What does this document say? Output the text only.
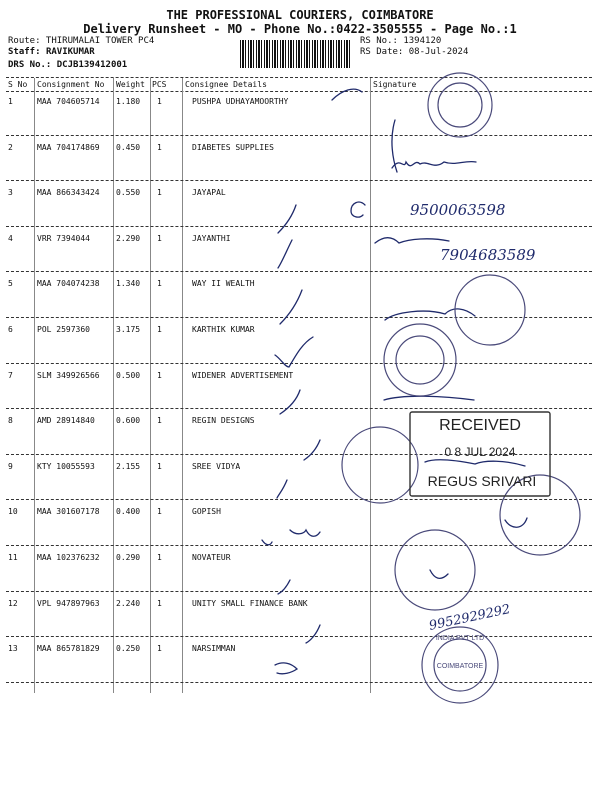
THE PROFESSIONAL COURIERS, COIMBATORE
Delivery Runsheet - MO - Phone No.:0422-3505555 - Page No.:1
Route: THIRUMALAI TOWER PC4
Staff: RAVIKUMAR
DRS No.: DCJB139412001
RS No.: 1394120
RS Date: 08-Jul-2024
S No Consignment No Weight PCS Consignee Details	Signature
1	MAA 704605714 1.180 1	PUSHPA UDHAYAMOORTHY
2	MAA 704174869 0.450 1	DIABETES SUPPLIES
3	MAA 866343424 0.550 1	JAYAPAL
4	VRR 7394044	2.290 1	JAYANTHI
5	MAA 704074238 1.340 1	WAY II WEALTH
6	POL 2597360	3.175 1	KARTHIK KUMAR
7	SLM 349926566 0.500 1	WIDENER ADVERTISEMENT
8	AMD 28914840	0.600 1	REGIN DESIGNS
9	KTY 10055593	2.155 1	SREE VIDYA
10 MAA 301607178 0.400 1	GOPISH
11 MAA 102376232 0.290 1	NOVATEUR
12 VPL 947897963 2.240 1	UNITY SMALL FINANCE BANK
13 MAA 865781829 0.250 1	NARSIMMAN
9500063598
7904683589
9952929292
RECEIVED
0 8 JUL 2024
REGUS SRIVARI
COIMBATORE
INDIA PVT LTD
